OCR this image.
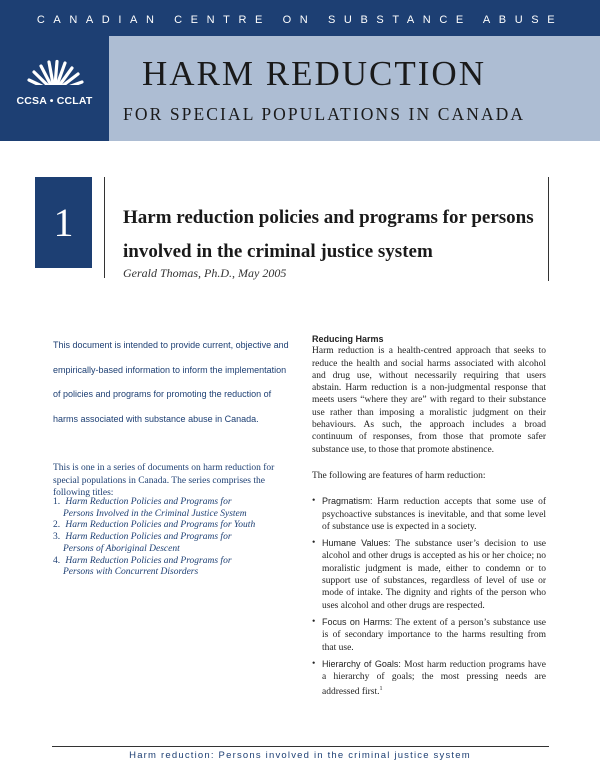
CANADIAN CENTRE ON SUBSTANCE ABUSE
CCSA • CCLAT
HARM REDUCTION
FOR SPECIAL POPULATIONS IN CANADA
1	Harm reduction policies and programs for persons involved in the criminal justice system
Gerald Thomas, Ph.D., May 2005
This document is intended to provide current, objective and empirically-based information to inform the implementation of policies and programs for promoting the reduction of harms associated with substance abuse in Canada.
This is one in a series of documents on harm reduction for special populations in Canada. The series comprises the following titles:
1. Harm Reduction Policies and Programs for
Persons Involved in the Criminal Justice System
2. Harm Reduction Policies and Programs for Youth
3. Harm Reduction Policies and Programs for
Persons of Aboriginal Descent
4. Harm Reduction Policies and Programs for
Persons with Concurrent Disorders
Reducing Harms

Harm reduction is a health-centred approach that seeks to reduce the health and social harms associated with alcohol and drug use, without necessarily requiring that users abstain. Harm reduction is a non-judgmental response that meets users “where they are” with regard to their substance use rather than imposing a moralistic judgment on their behaviours. As such, the approach includes a broad continuum of responses, from those that promote safer substance use, to those that promote abstinence.

The following are features of harm reduction:

• Pragmatism: Harm reduction accepts that some use of psychoactive substances is inevitable, and that some level of substance use is expected in a society.
• Humane Values: The substance user’s decision to use alcohol and other drugs is accepted as his or her choice; no moralistic judgment is made, either to condemn or to support use of substances, regardless of level of use or mode of intake. The dignity and rights of the person who uses alcohol and other drugs are respected.
• Focus on Harms: The extent of a person’s substance use is of secondary importance to the harms resulting from that use.
• Hierarchy of Goals: Most harm reduction programs have a hierarchy of goals; the most pressing needs are addressed first.$^1$
Harm reduction: Persons involved in the criminal justice system
